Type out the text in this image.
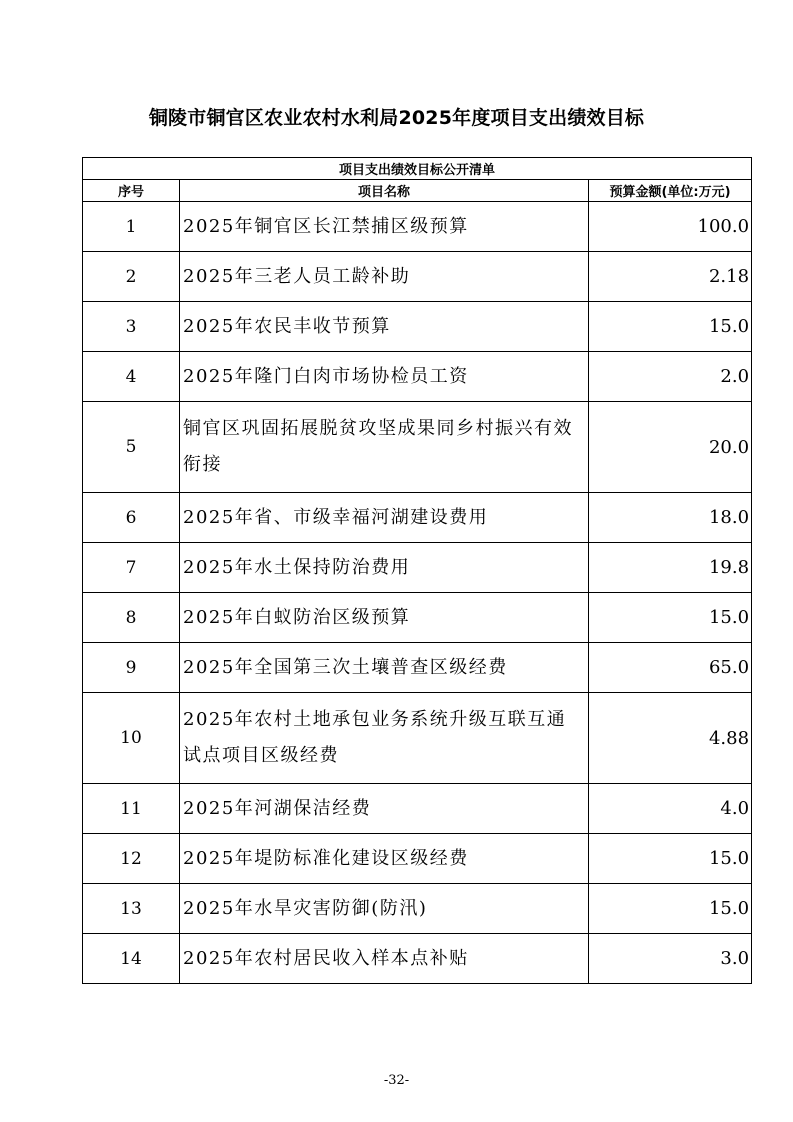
铜陵市铜官区农业农村水利局2025年度项目支出绩效目标
项目支出绩效目标公开清单		
序号	项目名称	预算金额(单位:万元)
1	2025年铜官区长江禁捕区级预算	100.0
2	2025年三老人员工龄补助	2.18
3	2025年农民丰收节预算	15.0
4	2025年隆门白肉市场协检员工资	2.0
5	铜官区巩固拓展脱贫攻坚成果同乡村振兴有效衔接	20.0
6	2025年省、市级幸福河湖建设费用	18.0
7	2025年水土保持防治费用	19.8
8	2025年白蚁防治区级预算	15.0
9	2025年全国第三次土壤普查区级经费	65.0
10	2025年农村土地承包业务系统升级互联互通试点项目区级经费	4.88
11	2025年河湖保洁经费	4.0
12	2025年堤防标准化建设区级经费	15.0
13	2025年水旱灾害防御(防汛)	15.0
14	2025年农村居民收入样本点补贴	3.0
-32-
